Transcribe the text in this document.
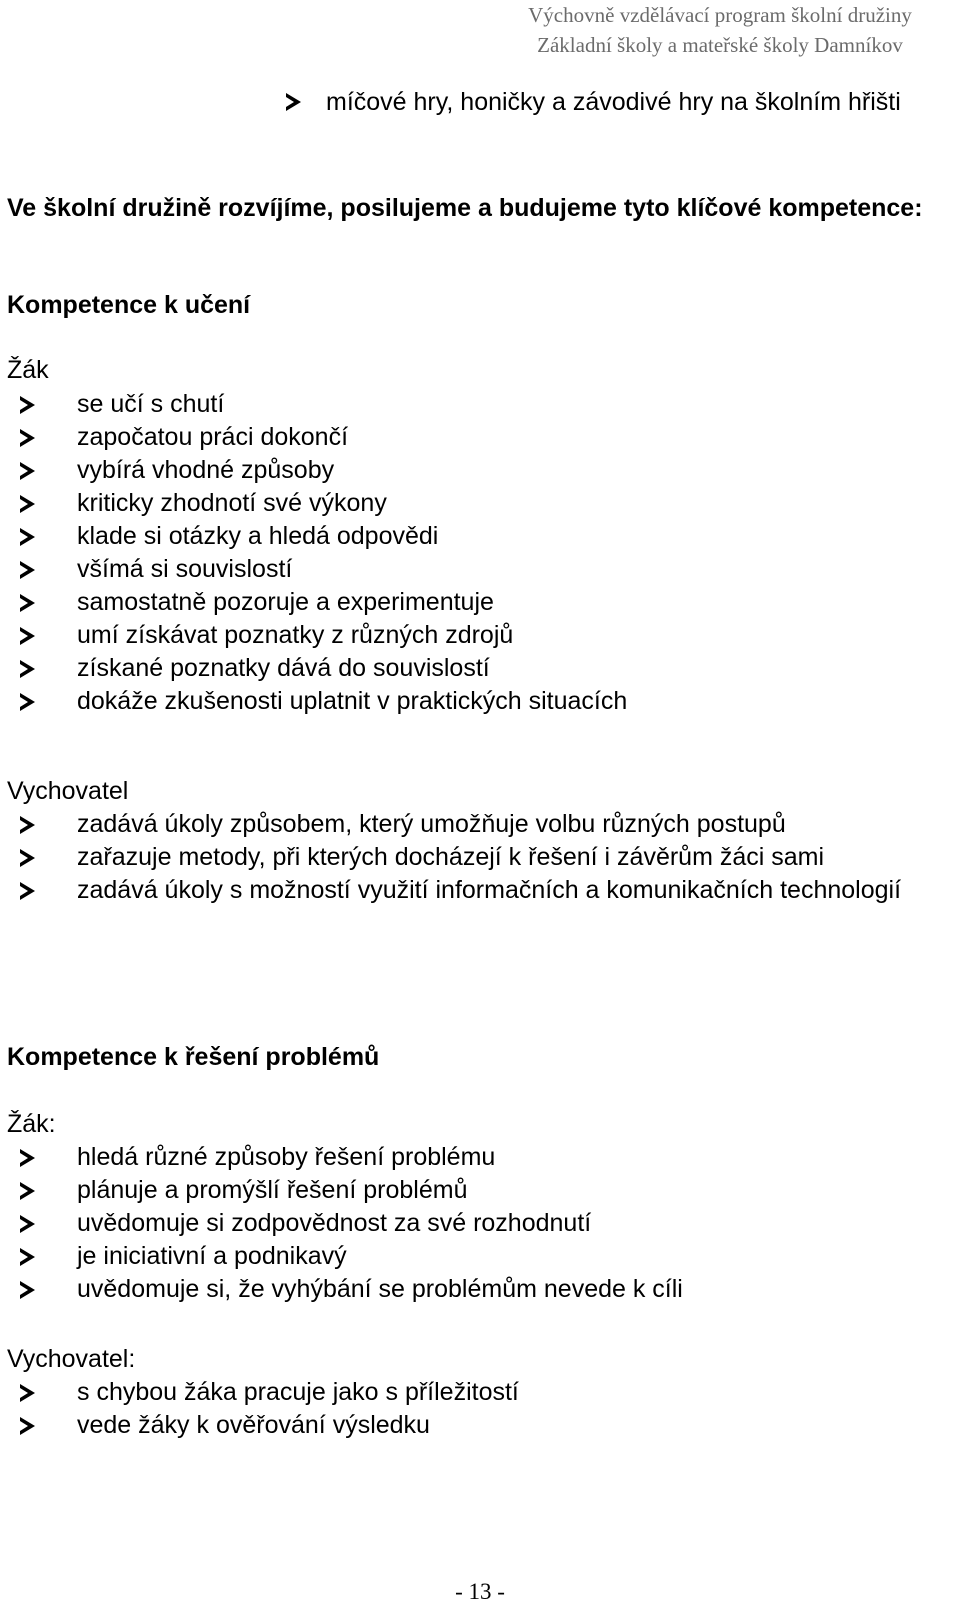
Výchovně vzdělávací program školní družiny
Základní školy a mateřské školy Damníkov
míčové hry, honičky a závodivé hry na školním hřišti
Ve školní družině rozvíjíme, posilujeme a budujeme tyto klíčové kompetence:
Kompetence k učení
Žák
se učí s chutí
započatou práci dokončí
vybírá vhodné způsoby
kriticky zhodnotí své výkony
klade si otázky a hledá odpovědi
všímá si souvislostí
samostatně pozoruje a experimentuje
umí získávat poznatky z různých zdrojů
získané poznatky dává do souvislostí
dokáže zkušenosti uplatnit v praktických situacích
Vychovatel
zadává úkoly způsobem, který umožňuje volbu různých postupů
zařazuje metody, při kterých docházejí k řešení i závěrům žáci sami
zadává úkoly s možností využití informačních a komunikačních technologií
Kompetence k řešení problémů
Žák:
hledá různé způsoby řešení problému
plánuje a promýšlí řešení problémů
uvědomuje si zodpovědnost za své rozhodnutí
je iniciativní a podnikavý
uvědomuje si, že vyhýbání se problémům nevede k cíli
Vychovatel:
s chybou žáka pracuje jako s příležitostí
vede žáky k ověřování výsledku
- 13 -
